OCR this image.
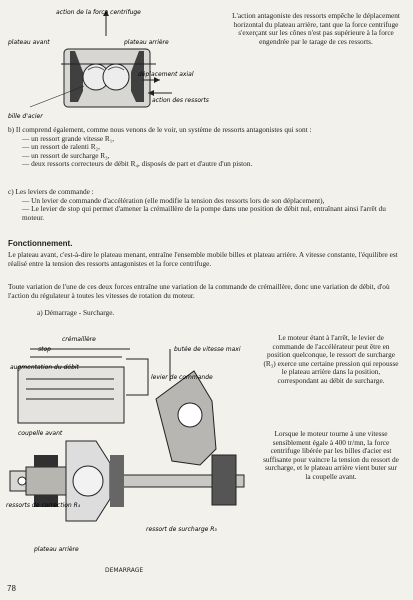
action de la force centrifuge
plateau avant	plateau arrière
déplacement axial
action des ressorts
bille d'acier
L'action antagoniste des ressorts empêche le déplacement horizontal du plateau arrière, tant que la force centrifuge s'exerçant sur les cônes n'est pas supérieure à la force engendrée par le tarage de ces ressorts.
b) Il comprend également, comme nous venons de le voir, un système de ressorts antagonistes qui sont :
— un ressort grande vitesse R₁,
— un ressort de ralenti R₂,
— un ressort de surcharge R₃,
— deux ressorts correcteurs de débit R₄, disposés de part et d'autre d'un piston.
c) Les leviers de commande :
— Un levier de commande d'accélération (elle modifie la tension des ressorts lors de son déplacement),
— Le levier de stop qui permet d'amener la crémaillère de la pompe dans une position de débit nul, entraînant ainsi l'arrêt du moteur.
Fonctionnement.
Le plateau avant, c'est-à-dire le plateau menant, entraîne l'ensemble mobile billes et plateau arrière. A vitesse constante, l'équilibre est réalisé entre la tension des ressorts antagonistes et la force centrifuge.
Toute variation de l'une de ces deux forces entraîne une variation de la commande de crémaillère, donc une variation de débit, d'où l'action du régulateur à toutes les vitesses de rotation du moteur.
a) Démarrage - Surcharge.
crémaillère
stop
augmentation du débit
butée de vitesse maxi
levier de commande
coupelle avant
ressorts de correction R₄
ressort de surcharge R₃
plateau arrière
Le moteur étant à l'arrêt, le levier de commande de l'accélérateur peut être en position quelconque, le ressort de surcharge (R₃) exerce une certaine pression qui repousse le plateau arrière dans la position, correspondant au débit de surcharge.
Lorsque le moteur tourne à une vitesse sensiblement égale à 400 tr/mn, la force centrifuge libérée par les billes d'acier est suffisante pour vaincre la tension du ressort de surcharge, et le plateau arrière vient buter sur la coupelle avant.
DEMARRAGE
78
